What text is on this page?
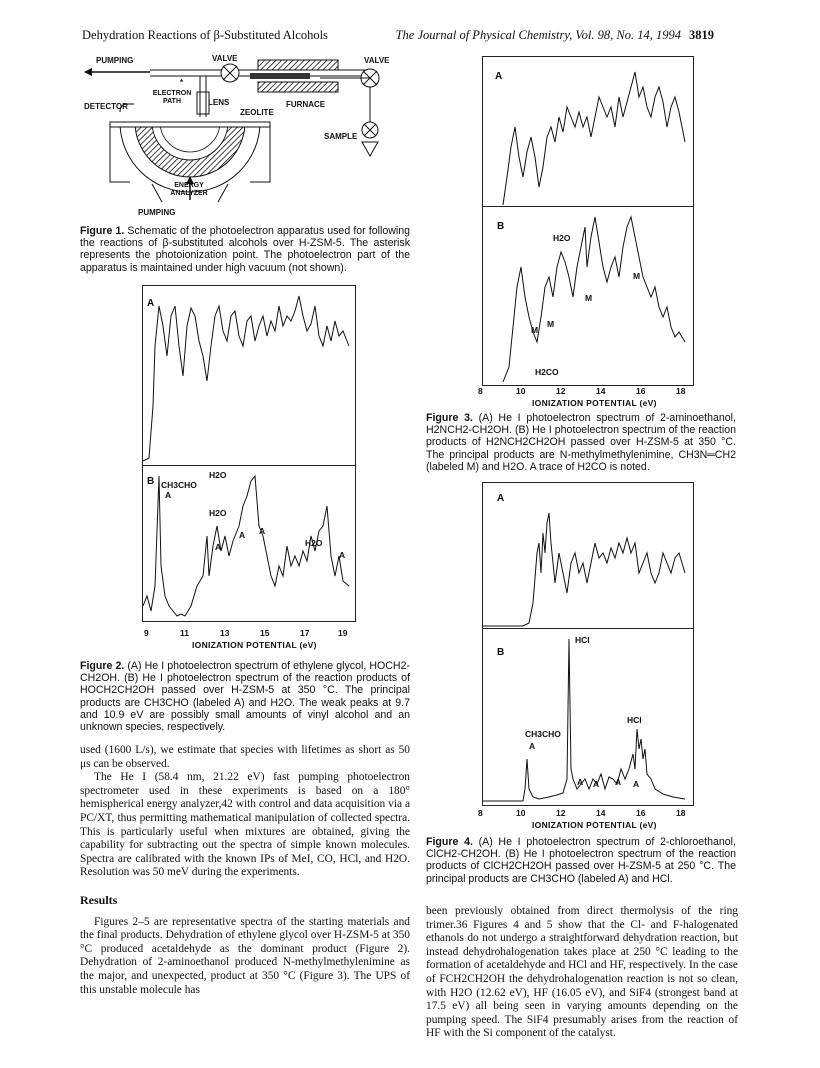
Dehydration Reactions of β-Substituted Alcohols	The Journal of Physical Chemistry, Vol. 98, No. 14, 1994 3819
PUMPING	VALVE	VALVE
*
ELECTRON PATH	LENS
DETECTOR
ZEOLITE
FURNACE
SAMPLE
ENERGY ANALYZER
PUMPING
Figure 1. Schematic of the photoelectron apparatus used for following the reactions of β-substituted alcohols over H-ZSM-5. The asterisk represents the photoionization point. The photoelectron part of the apparatus is maintained under high vacuum (not shown).
A
B
H2O
CH3CHO
A
H2O
A
A A
H2O
A
9	11	13	15	17	19
IONIZATION POTENTIAL (eV)
Figure 2. (A) He I photoelectron spectrum of ethylene glycol, HOCH2-CH2OH. (B) He I photoelectron spectrum of the reaction products of HOCH2CH2OH passed over H-ZSM-5 at 350 °C. The principal products are CH3CHO (labeled A) and H2O. The weak peaks at 9.7 and 10.9 eV are possibly small amounts of vinyl alcohol and an unknown species, respectively.

used (1600 L/s), we estimate that species with lifetimes as short as 50 μs can be observed.

The He I (58.4 nm, 21.22 eV) fast pumping photoelectron spectrometer used in these experiments is based on a 180° hemispherical energy analyzer,42 with control and data acquisition via a PC/XT, thus permitting mathematical manipulation of collected spectra. This is particularly useful when mixtures are obtained, giving the capability for subtracting out the spectra of simple known molecules. Spectra are calibrated with the known IPs of MeI, CO, HCl, and H2O. Resolution was 50 meV during the experiments.

Results

Figures 2–5 are representative spectra of the starting materials and the final products. Dehydration of ethylene glycol over H-ZSM-5 at 350 °C produced acetaldehyde as the dominant product (Figure 2). Dehydration of 2-aminoethanol produced N-methylmethylenimine as the major, and unexpected, product at 350 °C (Figure 3). The UPS of this unstable molecule has

A
B
H2O
M
M
M
M
H2CO
8	10	12	14	16	18
IONIZATION POTENTIAL (eV)
Figure 3. (A) He I photoelectron spectrum of 2-aminoethanol, H2NCH2-CH2OH. (B) He I photoelectron spectrum of the reaction products of H2NCH2CH2OH passed over H-ZSM-5 at 350 °C. The principal products are N-methylmethylenimine, CH3N═CH2 (labeled M) and H2O. A trace of H2CO is noted.
A
B
HCl
HCl
CH3CHO
A
A A A A
8	10	12	14	16	18
IONIZATION POTENTIAL (eV)
Figure 4. (A) He I photoelectron spectrum of 2-chloroethanol, ClCH2-CH2OH. (B) He I photoelectron spectrum of the reaction products of ClCH2CH2OH passed over H-ZSM-5 at 250 °C. The principal products are CH3CHO (labeled A) and HCl.

been previously obtained from direct thermolysis of the ring trimer.36 Figures 4 and 5 show that the Cl- and F-halogenated ethanols do not undergo a straightforward dehydration reaction, but instead dehydrohalogenation takes place at 250 °C leading to the formation of acetaldehyde and HCl and HF, respectively. In the case of FCH2CH2OH the dehydrohalogenation reaction is not so clean, with H2O (12.62 eV), HF (16.05 eV), and SiF4 (strongest band at 17.5 eV) all being seen in varying amounts depending on the pumping speed. The SiF4 presumably arises from the reaction of HF with the Si component of the catalyst.
